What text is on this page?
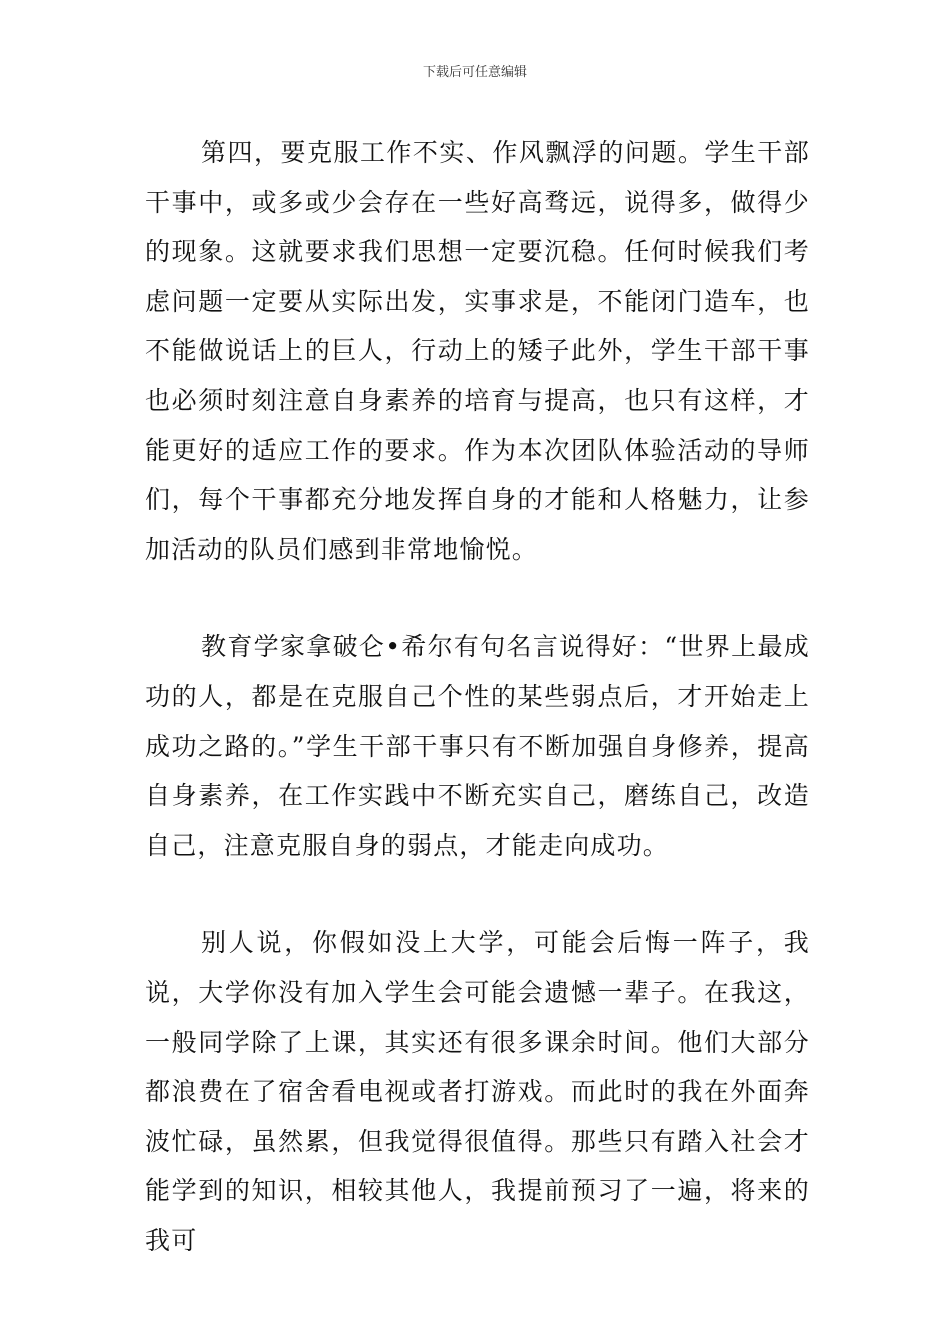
下载后可任意编辑

第四，要克服工作不实、作风飘浮的问题。学生干部干事中，或多或少会存在一些好高骛远，说得多，做得少的现象。这就要求我们思想一定要沉稳。任何时候我们考虑问题一定要从实际出发，实事求是，不能闭门造车，也不能做说话上的巨人，行动上的矮子此外，学生干部干事也必须时刻注意自身素养的培育与提高，也只有这样，才能更好的适应工作的要求。作为本次团队体验活动的导师们，每个干事都充分地发挥自身的才能和人格魅力，让参加活动的队员们感到非常地愉悦。

教育学家拿破仑•希尔有句名言说得好：“世界上最成功的人，都是在克服自己个性的某些弱点后，才开始走上成功之路的。”学生干部干事只有不断加强自身修养，提高自身素养，在工作实践中不断充实自己，磨练自己，改造自己，注意克服自身的弱点，才能走向成功。

别人说，你假如没上大学，可能会后悔一阵子，我说，大学你没有加入学生会可能会遗憾一辈子。在我这，一般同学除了上课，其实还有很多课余时间。他们大部分都浪费在了宿舍看电视或者打游戏。而此时的我在外面奔波忙碌，虽然累，但我觉得很值得。那些只有踏入社会才能学到的知识，相较其他人，我提前预习了一遍，将来的我可
